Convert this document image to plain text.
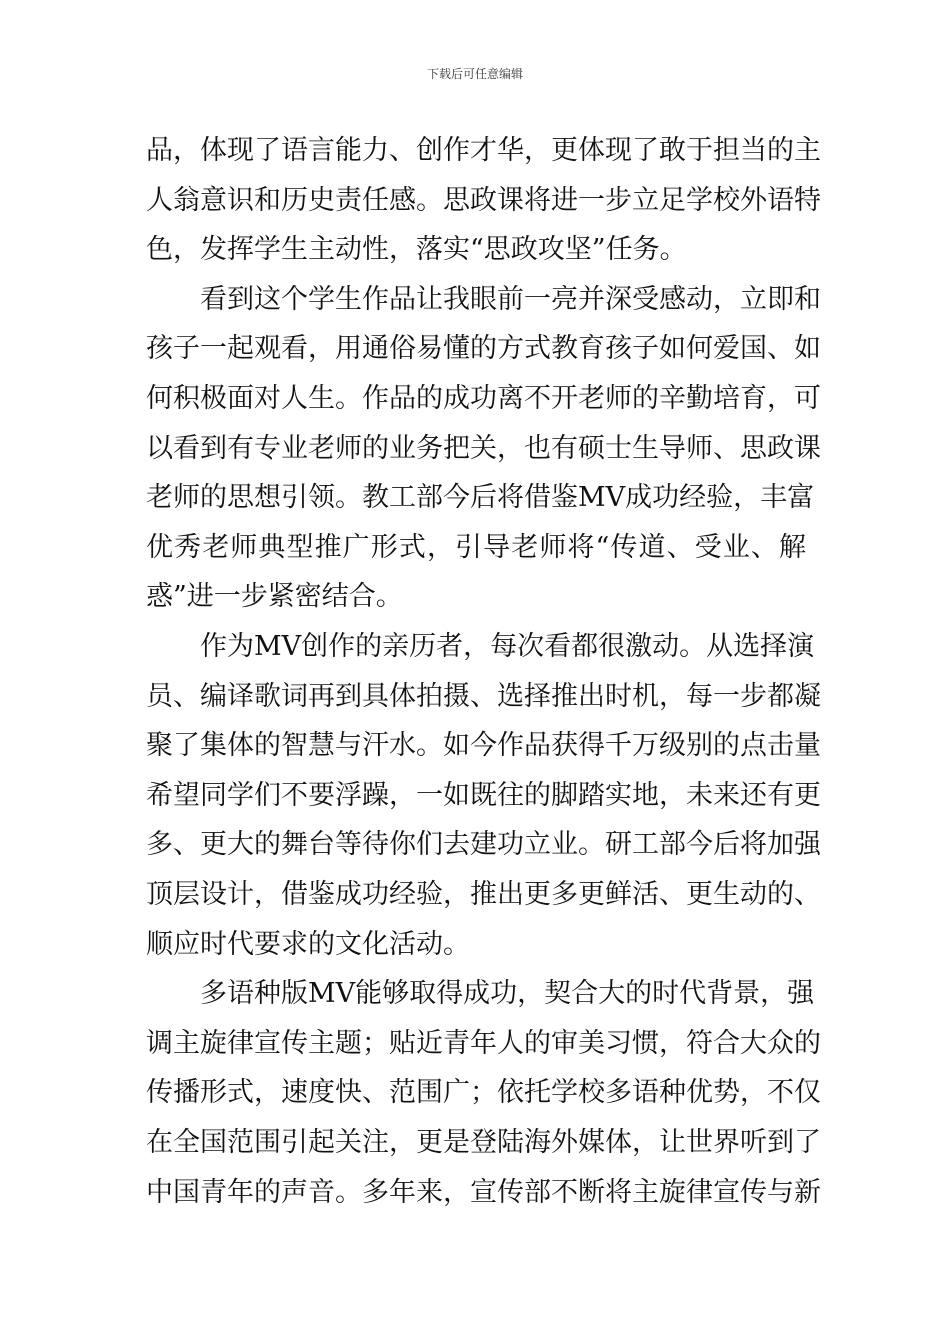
下载后可任意编辑
品，体现了语言能力、创作才华，更体现了敢于担当的主
人翁意识和历史责任感。思政课将进一步立足学校外语特
色，发挥学生主动性，落实“思政攻坚”任务。
　　看到这个学生作品让我眼前一亮并深受感动，立即和
孩子一起观看，用通俗易懂的方式教育孩子如何爱国、如
何积极面对人生。作品的成功离不开老师的辛勤培育，可
以看到有专业老师的业务把关，也有硕士生导师、思政课
老师的思想引领。教工部今后将借鉴MV成功经验，丰富
优秀老师典型推广形式，引导老师将“传道、受业、解
惑”进一步紧密结合。
　　作为MV创作的亲历者，每次看都很激动。从选择演
员、编译歌词再到具体拍摄、选择推出时机，每一步都凝
聚了集体的智慧与汗水。如今作品获得千万级别的点击量
希望同学们不要浮躁，一如既往的脚踏实地，未来还有更
多、更大的舞台等待你们去建功立业。研工部今后将加强
顶层设计，借鉴成功经验，推出更多更鲜活、更生动的、
顺应时代要求的文化活动。
　　多语种版MV能够取得成功，契合大的时代背景，强
调主旋律宣传主题；贴近青年人的审美习惯，符合大众的
传播形式，速度快、范围广；依托学校多语种优势，不仅
在全国范围引起关注，更是登陆海外媒体，让世界听到了
中国青年的声音。多年来，宣传部不断将主旋律宣传与新
